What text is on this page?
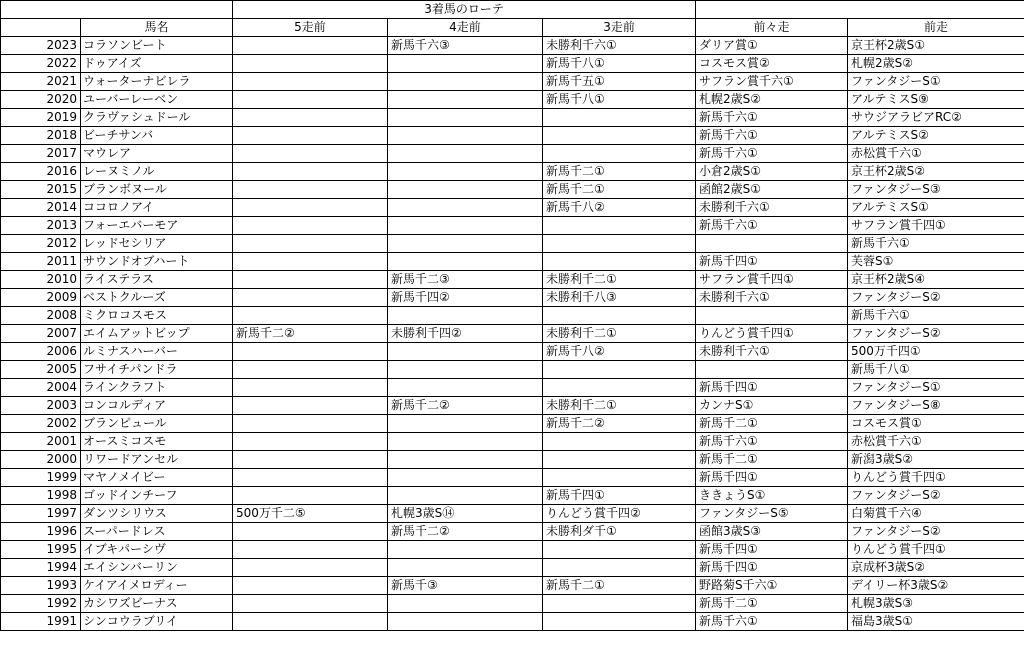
		3着馬のローテ				
	馬名	5走前	4走前	3走前	前々走	前走
2023	コラソンビート		新馬千六③	未勝利千六①	ダリア賞①	京王杯2歳S①
2022	ドゥアイズ			新馬千八①	コスモス賞②	札幌2歳S②
2021	ウォーターナビレラ			新馬千五①	サフラン賞千六①	ファンタジーS①
2020	ユーバーレーベン			新馬千八①	札幌2歳S②	アルテミスS⑨
2019	クラヴァシュドール				新馬千六①	サウジアラビアRC②
2018	ビーチサンバ				新馬千六①	アルテミスS②
2017	マウレア				新馬千六①	赤松賞千六①
2016	レーヌミノル			新馬千二①	小倉2歳S①	京王杯2歳S②
2015	ブランボヌール			新馬千二①	函館2歳S①	ファンタジーS③
2014	ココロノアイ			新馬千八②	未勝利千六①	アルテミスS①
2013	フォーエバーモア				新馬千六①	サフラン賞千四①
2012	レッドセシリア					新馬千六①
2011	サウンドオブハート				新馬千四①	芙蓉S①
2010	ライステラス		新馬千二③	未勝利千二①	サフラン賞千四①	京王杯2歳S④
2009	ベストクルーズ		新馬千四②	未勝利千八③	未勝利千六①	ファンタジーS②
2008	ミクロコスモス					新馬千六①
2007	エイムアットビップ	新馬千二②	未勝利千四②	未勝利千二①	りんどう賞千四①	ファンタジーS②
2006	ルミナスハーバー			新馬千八②	未勝利千六①	500万千四①
2005	フサイチパンドラ					新馬千八①
2004	ラインクラフト				新馬千四①	ファンタジーS①
2003	コンコルディア		新馬千二②	未勝利千二①	カンナS①	ファンタジーS⑧
2002	ブランピュール			新馬千二②	新馬千二①	コスモス賞①
2001	オースミコスモ				新馬千六①	赤松賞千六①
2000	リワードアンセル				新馬千二①	新潟3歳S②
1999	マヤノメイビー				新馬千四①	りんどう賞千四①
1998	ゴッドインチーフ			新馬千四①	ききょうS①	ファンタジーS②
1997	ダンツシリウス	500万千二⑤	札幌3歳S⑭	りんどう賞千四②	ファンタジーS⑤	白菊賞千六④
1996	スーパードレス		新馬千二②	未勝利ダ千①	函館3歳S③	ファンタジーS②
1995	イブキパーシヴ				新馬千四①	りんどう賞千四①
1994	エイシンバーリン				新馬千四①	京成杯3歳S②
1993	ケイアイメロディー		新馬千③	新馬千二①	野路菊S千六①	デイリー杯3歳S②
1992	カシワズビーナス				新馬千二①	札幌3歳S③
1991	シンコウラブリイ				新馬千六①	福島3歳S①
